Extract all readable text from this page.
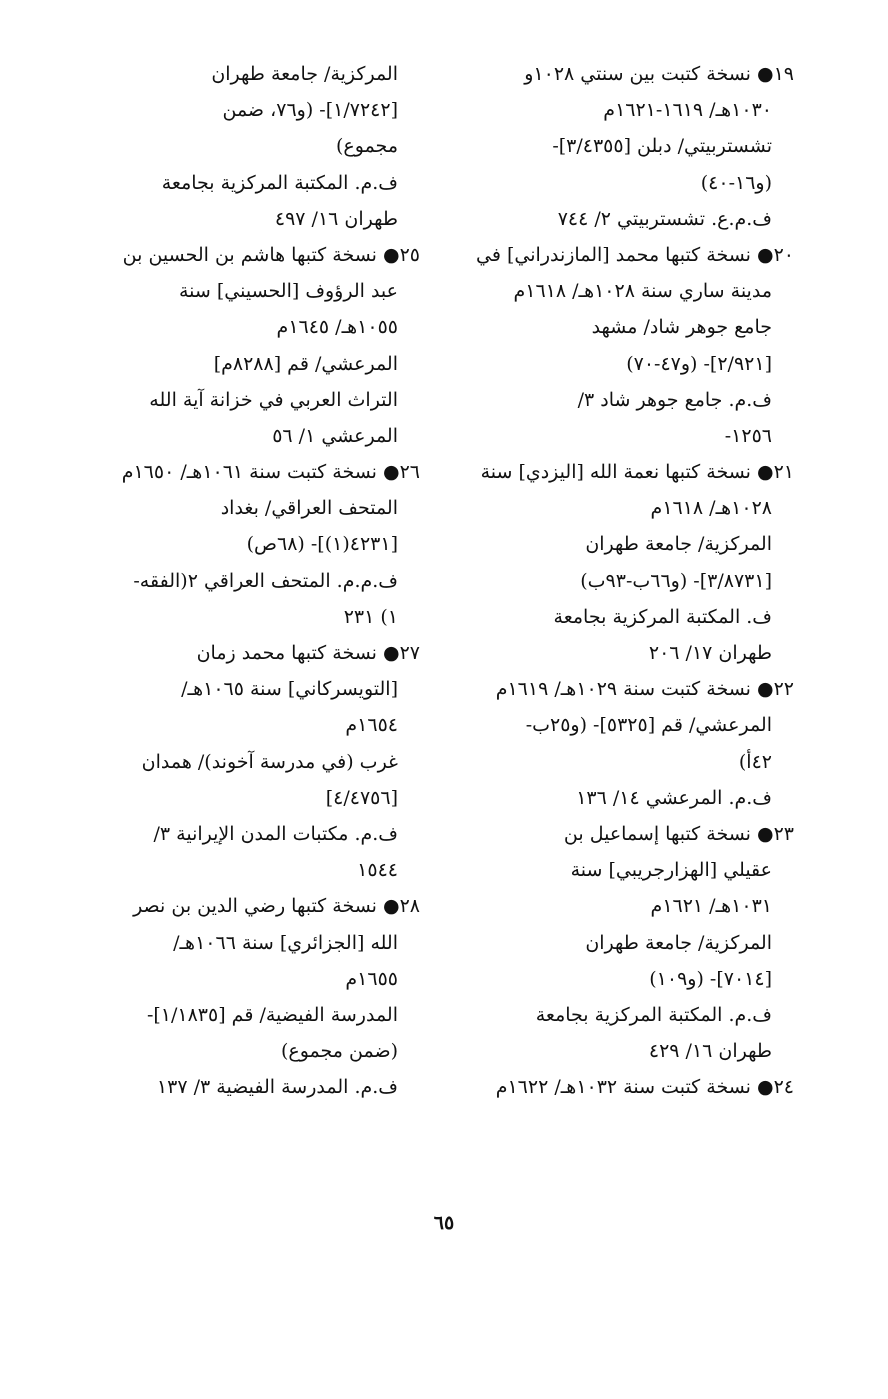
١٩● نسخة كتبت بين سنتي ١٠٢٨و
١٠٣٠هـ/ ١٦١٩-١٦٢١م
تشستربيتي/ دبلن [٣/٤٣٥٥]-
(و١٦-٤٠)
ف.م.ع. تشستربيتي ٢/ ٧٤٤
٢٠● نسخة كتبها محمد [المازندراني] في
مدينة ساري سنة ١٠٢٨هـ/ ١٦١٨م
جامع جوهر شاد/ مشهد
[٢/٩٢١]- (و٤٧-٧٠)
ف.م. جامع جوهر شاد ٣/
١٢٥٦-
٢١● نسخة كتبها نعمة الله [اليزدي] سنة
١٠٢٨هـ/ ١٦١٨م
المركزية/ جامعة طهران
[٣/٨٧٣١]- (و٦٦ب-٩٣ب)
ف. المكتبة المركزية بجامعة
طهران ١٧/ ٢٠٦
٢٢● نسخة كتبت سنة ١٠٢٩هـ/ ١٦١٩م
المرعشي/ قم [٥٣٢٥]- (و٢٥ب-
٤٢أ)
ف.م. المرعشي ١٤/ ١٣٦
٢٣● نسخة كتبها إسماعيل بن
عقيلي [الهزارجريبي] سنة
١٠٣١هـ/ ١٦٢١م
المركزية/ جامعة طهران
[٧٠١٤]- (و١٠٩)
ف.م. المكتبة المركزية بجامعة
طهران ١٦/ ٤٢٩
٢٤● نسخة كتبت سنة ١٠٣٢هـ/ ١٦٢٢م
المركزية/ جامعة طهران
[١/٧٢٤٢]- (و٧٦، ضمن
مجموع)
ف.م. المكتبة المركزية بجامعة
طهران ١٦/ ٤٩٧
٢٥● نسخة كتبها هاشم بن الحسين بن
عبد الرؤوف [الحسيني] سنة
١٠٥٥هـ/ ١٦٤٥م
المرعشي/ قم [٨٢٨٨م]
التراث العربي في خزانة آية الله
المرعشي ١/ ٥٦
٢٦● نسخة كتبت سنة ١٠٦١هـ/ ١٦٥٠م
المتحف العراقي/ بغداد
[٤٢٣١(١)]- (٦٨ص)
ف.م.م. المتحف العراقي ٢(الفقه-
١) ٢٣١
٢٧● نسخة كتبها محمد زمان
[التويسركاني] سنة ١٠٦٥هـ/
١٦٥٤م
غرب (في مدرسة آخوند)/ همدان
[٤/٤٧٥٦]
ف.م. مكتبات المدن الإيرانية ٣/
١٥٤٤
٢٨● نسخة كتبها رضي الدين بن نصر
الله [الجزائري] سنة ١٠٦٦هـ/
١٦٥٥م
المدرسة الفيضية/ قم [١/١٨٣٥]-
(ضمن مجموع)
ف.م. المدرسة الفيضية ٣/ ١٣٧
٦٥
